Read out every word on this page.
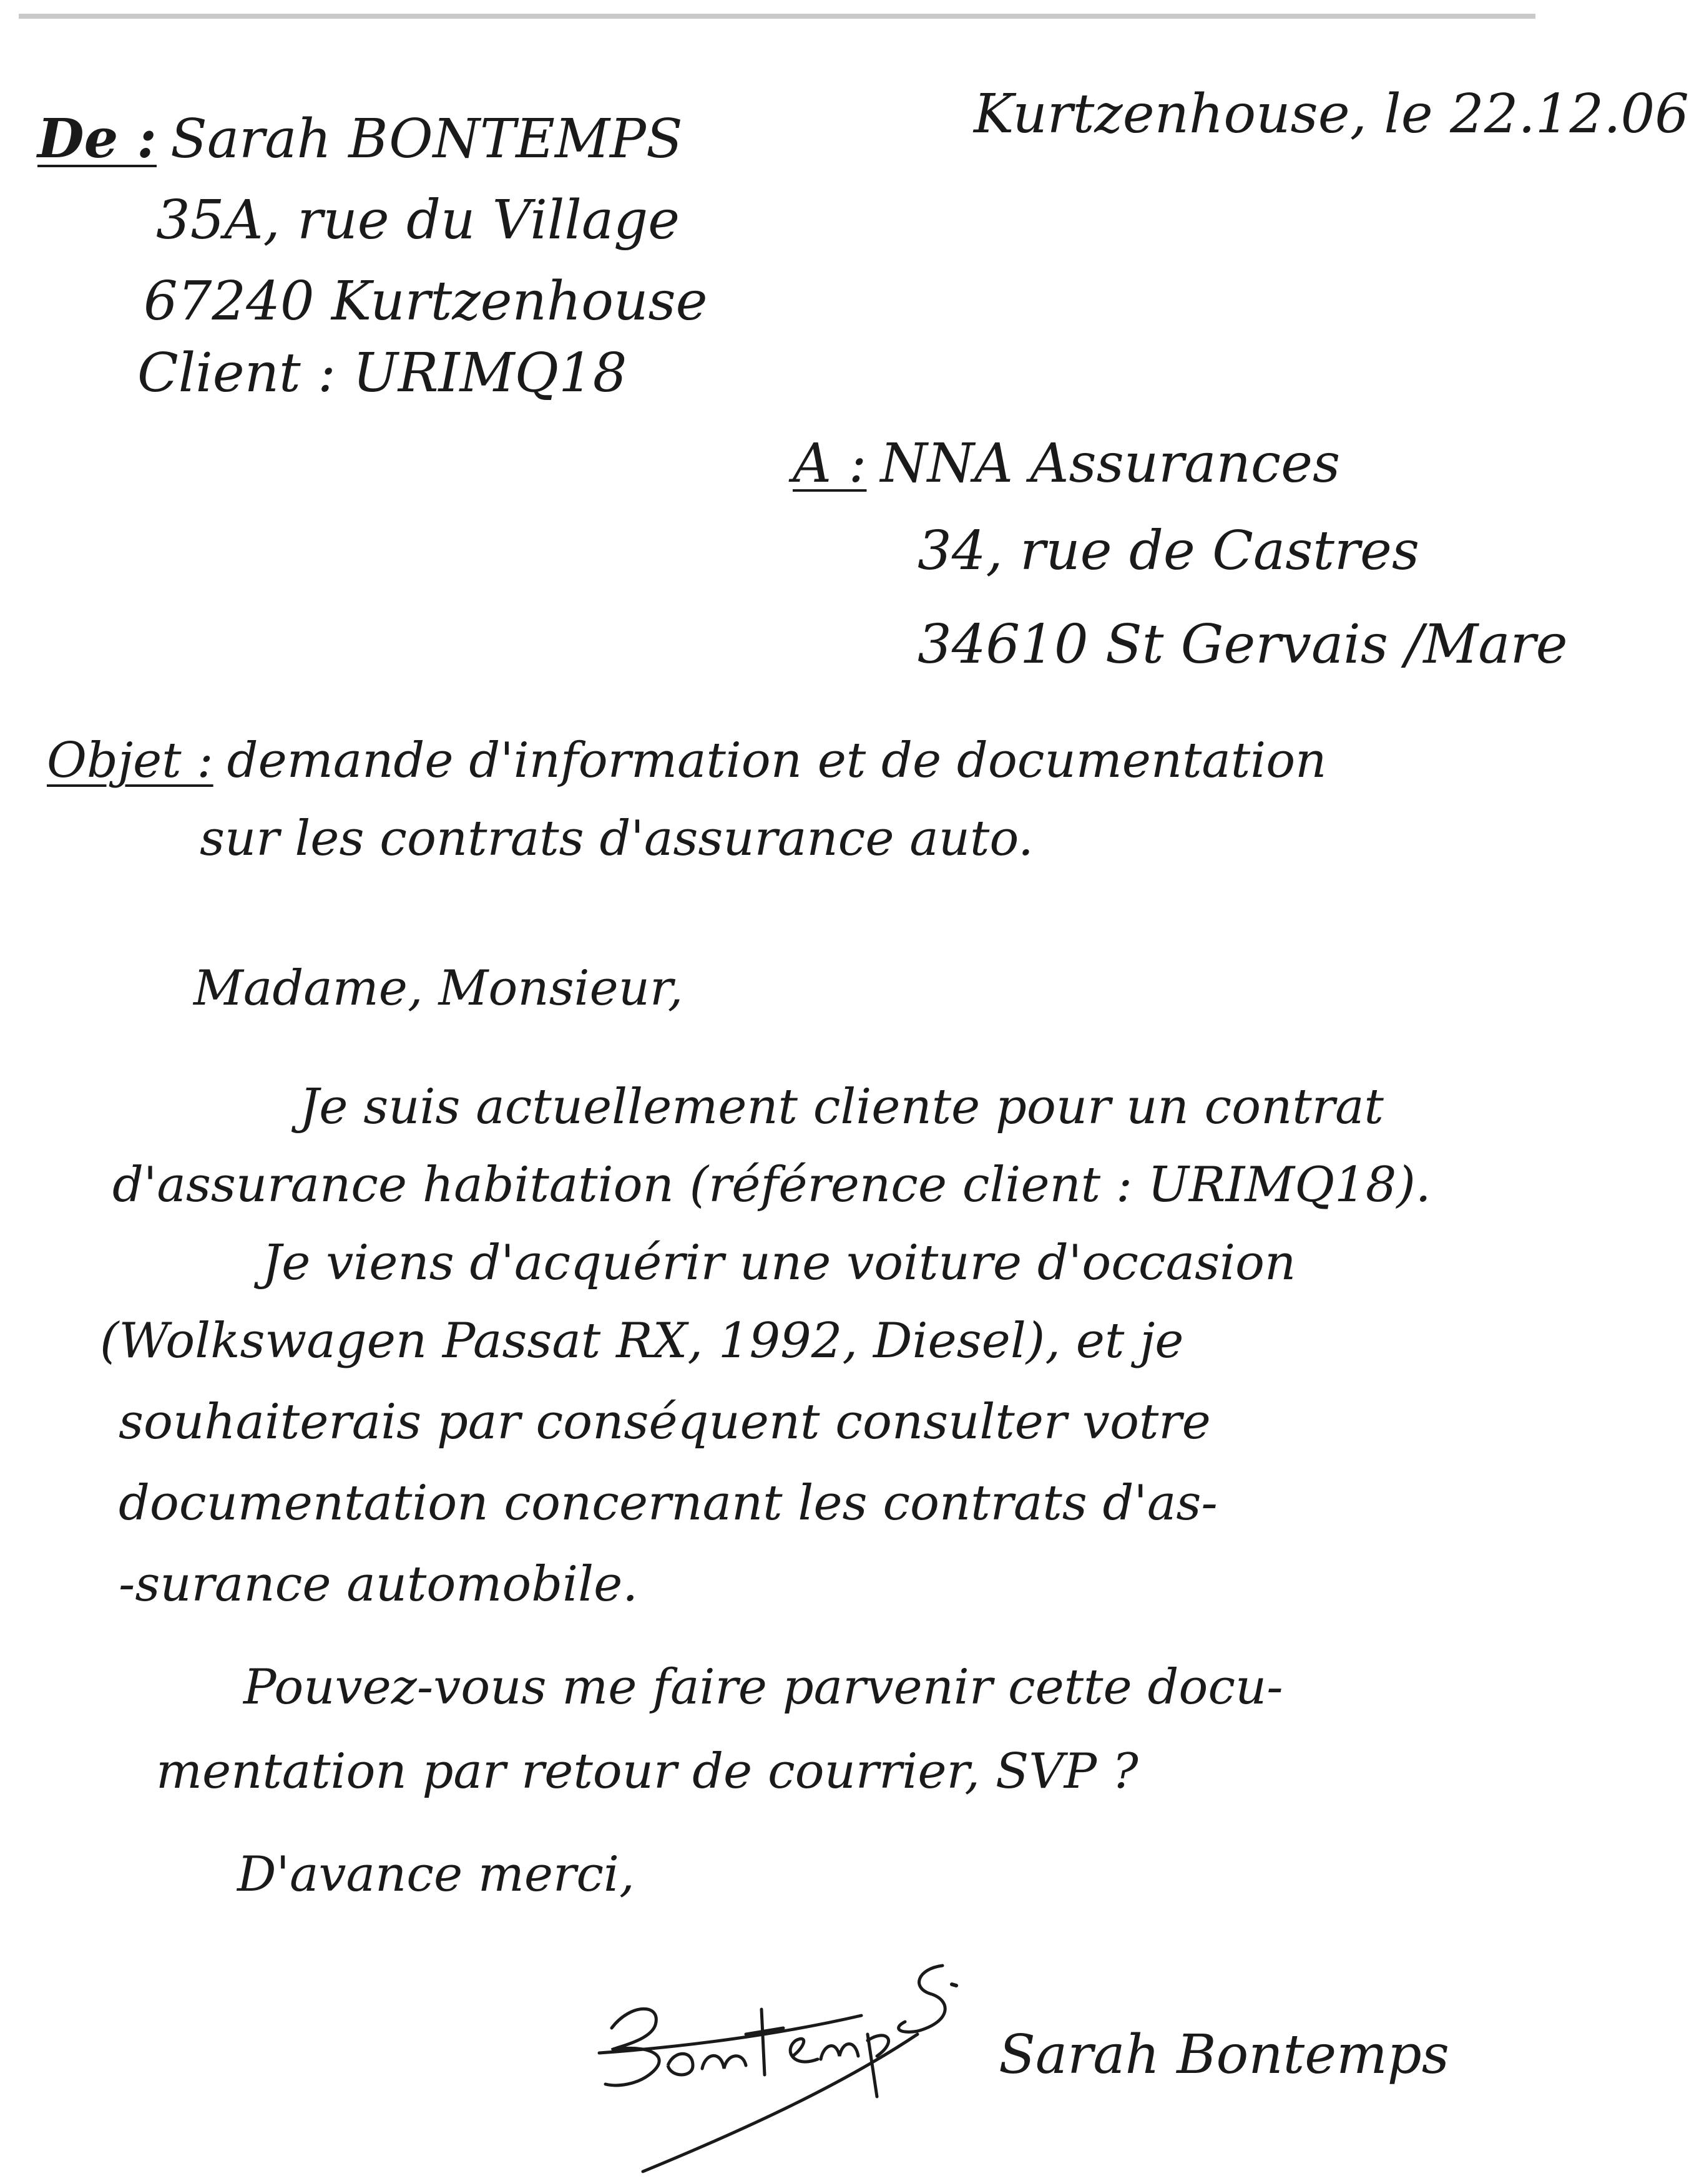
Kurtzenhouse, le 22.12.06
De : Sarah BONTEMPS
35A, rue du Village
67240 Kurtzenhouse
Client : URIMQ18
A : NNA Assurances
34, rue de Castres
34610 St Gervais /Mare
Objet : demande d'information et de documentation
sur les contrats d'assurance auto.
Madame, Monsieur,
Je suis actuellement cliente pour un contrat
d'assurance habitation (référence client : URIMQ18).
Je viens d'acquérir une voiture d'occasion
(Wolkswagen Passat RX, 1992, Diesel), et je
souhaiterais par conséquent consulter votre
documentation concernant les contrats d'as-
-surance automobile.
Pouvez-vous me faire parvenir cette docu-
mentation par retour de courrier, SVP ?
D'avance merci,
Sarah Bontemps
